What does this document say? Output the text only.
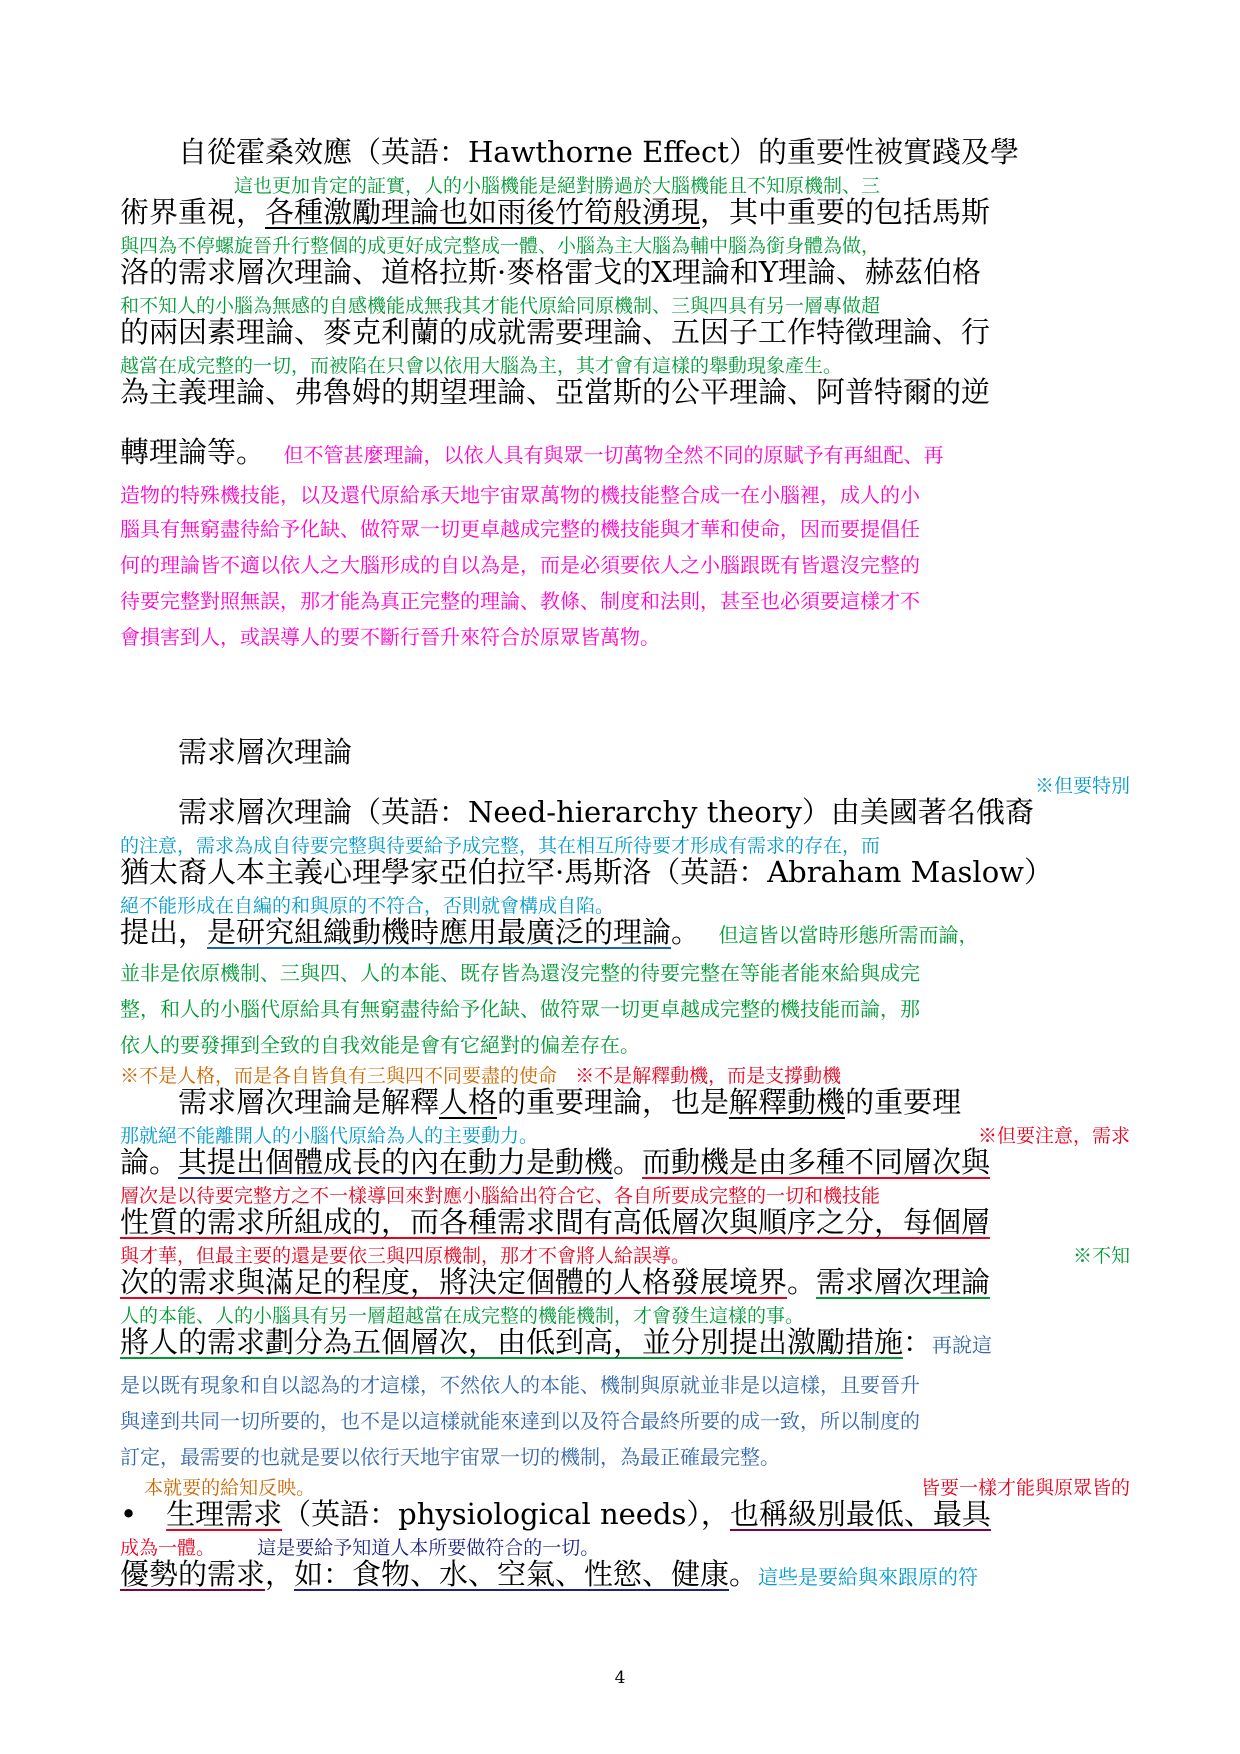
　　自從霍桑效應（英語：Hawthorne Effect）的重要性被實踐及學
　　　　　　這也更加肯定的証實，人的小腦機能是絕對勝過於大腦機能且不知原機制、三
術界重視，各種激勵理論也如雨後竹筍般湧現，其中重要的包括馬斯
與四為不停螺旋晉升行整個的成更好成完整成一體、小腦為主大腦為輔中腦為銜身體為做，
洛的需求層次理論、道格拉斯·麥格雷戈的X理論和Y理論、赫茲伯格
和不知人的小腦為無感的自感機能成無我其才能代原給同原機制、三與四具有另一層專做超
的兩因素理論、麥克利蘭的成就需要理論、五因子工作特徵理論、行
越當在成完整的一切，而被陷在只會以依用大腦為主，其才會有這樣的舉動現象產生。
為主義理論、弗魯姆的期望理論、亞當斯的公平理論、阿普特爾的逆
轉理論等。 但不管甚麼理論，以依人具有與眾一切萬物全然不同的原賦予有再組配、再
造物的特殊機技能，以及還代原給承天地宇宙眾萬物的機技能整合成一在小腦裡，成人的小
腦具有無窮盡待給予化缺、做符眾一切更卓越成完整的機技能與才華和使命，因而要提倡任
何的理論皆不適以依人之大腦形成的自以為是，而是必須要依人之小腦跟既有皆還沒完整的
待要完整對照無誤，那才能為真正完整的理論、教條、制度和法則，甚至也必須要這樣才不
會損害到人，或誤導人的要不斷行晉升來符合於原眾皆萬物。
　　需求層次理論
※但要特別
　　需求層次理論（英語：Need-hierarchy theory）由美國著名俄裔
的注意，需求為成自待要完整與待要給予成完整，其在相互所待要才形成有需求的存在，而
猶太裔人本主義心理學家亞伯拉罕·馬斯洛（英語：Abraham Maslow）
絕不能形成在自編的和與原的不符合，否則就會構成自陷。
提出，是研究組織動機時應用最廣泛的理論。 但這皆以當時形態所需而論，
並非是依原機制、三與四、人的本能、既存皆為還沒完整的待要完整在等能者能來給與成完
整，和人的小腦代原給具有無窮盡待給予化缺、做符眾一切更卓越成完整的機技能而論，那
依人的要發揮到全致的自我效能是會有它絕對的偏差存在。
※不是人格，而是各自皆負有三與四不同要盡的使命 ※不是解釋動機，而是支撐動機
　　需求層次理論是解釋人格的重要理論，也是解釋動機的重要理
那就絕不能離開人的小腦代原給為人的主要動力。	※但要注意，需求
論。其提出個體成長的內在動力是動機。而動機是由多種不同層次與
層次是以待要完整方之不一樣導回來對應小腦給出符合它、各自所要成完整的一切和機技能
性質的需求所組成的，而各種需求間有高低層次與順序之分，每個層
與才華，但最主要的還是要依三與四原機制，那才不會將人給誤導。	※不知
次的需求與滿足的程度，將決定個體的人格發展境界。需求層次理論
人的本能、人的小腦具有另一層超越當在成完整的機能機制，才會發生這樣的事。
將人的需求劃分為五個層次，由低到高，並分別提出激勵措施：再說這
是以既有現象和自以認為的才這樣，不然依人的本能、機制與原就並非是以這樣，且要晉升
與達到共同一切所要的，也不是以這樣就能來達到以及符合最終所要的成一致，所以制度的
訂定，最需要的也就是要以依行天地宇宙眾一切的機制，為最正確最完整。
本就要的給知反映。	皆要一樣才能與原眾皆的
•　生理需求（英語：physiological needs），也稱級別最低、最具
成為一體。 這是要給予知道人本所要做符合的一切。
優勢的需求，如：食物、水、空氣、性慾、健康。這些是要給與來跟原的符
4
